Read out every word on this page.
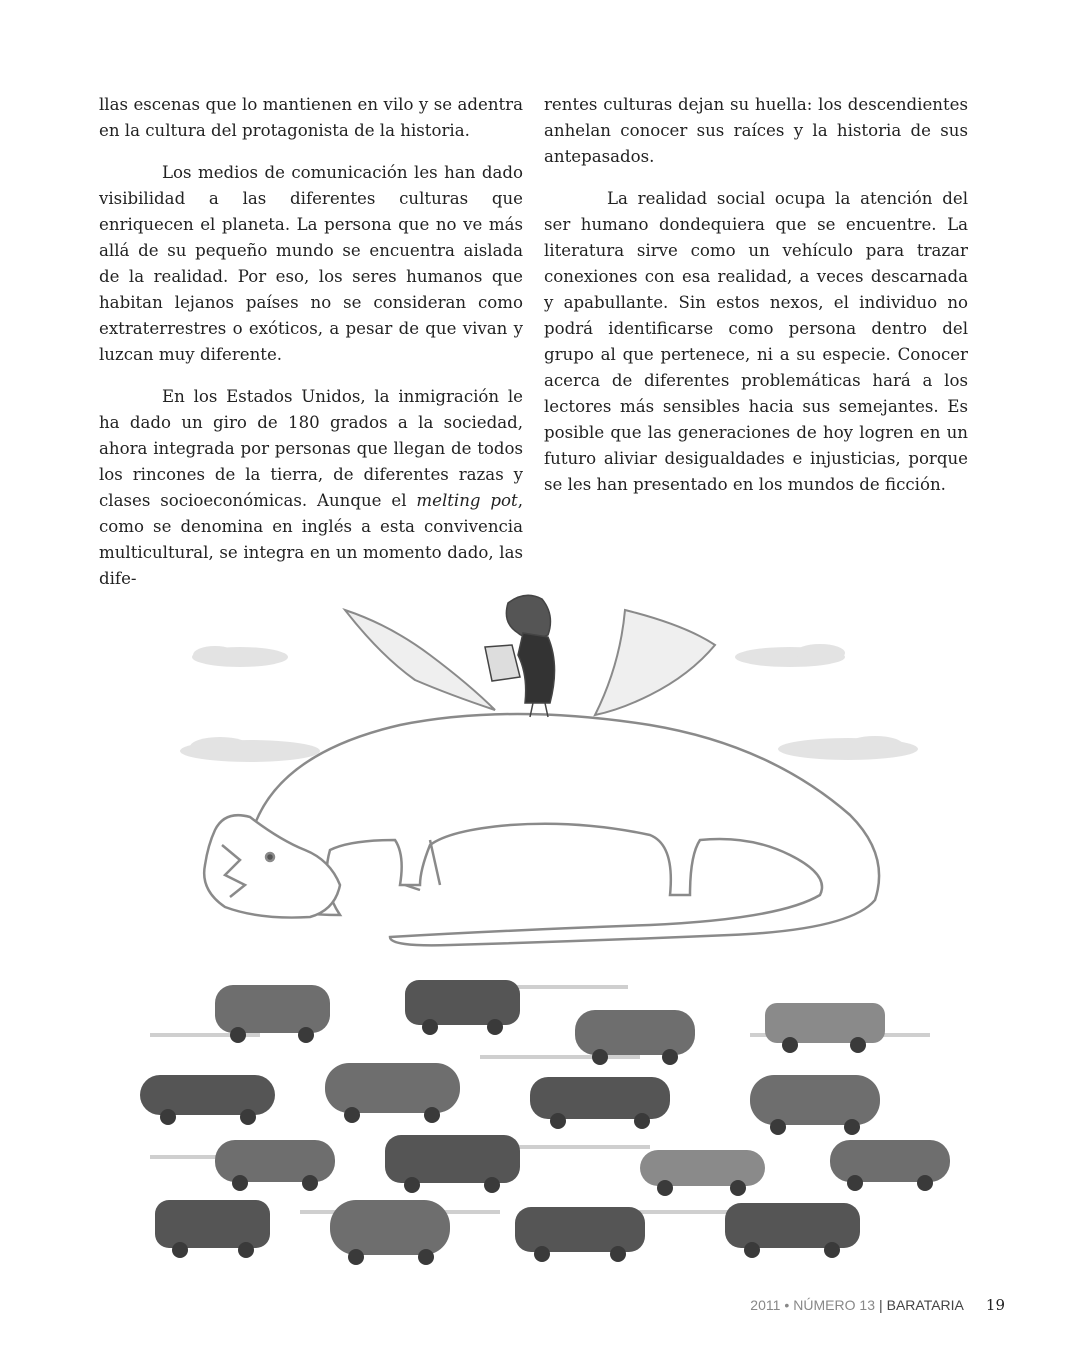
llas escenas que lo mantienen en vilo y se adentra en la cultura del protagonista de la historia.

Los medios de comunicación les han dado visibilidad a las diferentes culturas que enriquecen el planeta. La persona que no ve más allá de su pequeño mundo se encuentra aislada de la realidad. Por eso, los seres humanos que habitan lejanos países no se consideran como extraterrestres o exóticos, a pesar de que vivan y luzcan muy diferente.

En los Estados Unidos, la inmigración le ha dado un giro de 180 grados a la sociedad, ahora integrada por personas que llegan de todos los rincones de la tierra, de diferentes razas y clases socioeconómicas. Aunque el melting pot, como se denomina en inglés a esta convivencia multicultural, se integra en un momento dado, las dife-

rentes culturas dejan su huella: los descendientes anhelan conocer sus raíces y la historia de sus antepasados.

La realidad social ocupa la atención del ser humano dondequiera que se encuentre. La literatura sirve como un vehículo para trazar conexiones con esa realidad, a veces descarnada y apabullante. Sin estos nexos, el individuo no podrá identificarse como persona dentro del grupo al que pertenece, ni a su especie. Conocer acerca de diferentes problemáticas hará a los lectores más sensibles hacia sus semejantes. Es posible que las generaciones de hoy logren en un futuro aliviar desigualdades e injusticias, porque se les han presentado en los mundos de ficción.

2011 • NÚMERO 13 | BARATARIA 19
